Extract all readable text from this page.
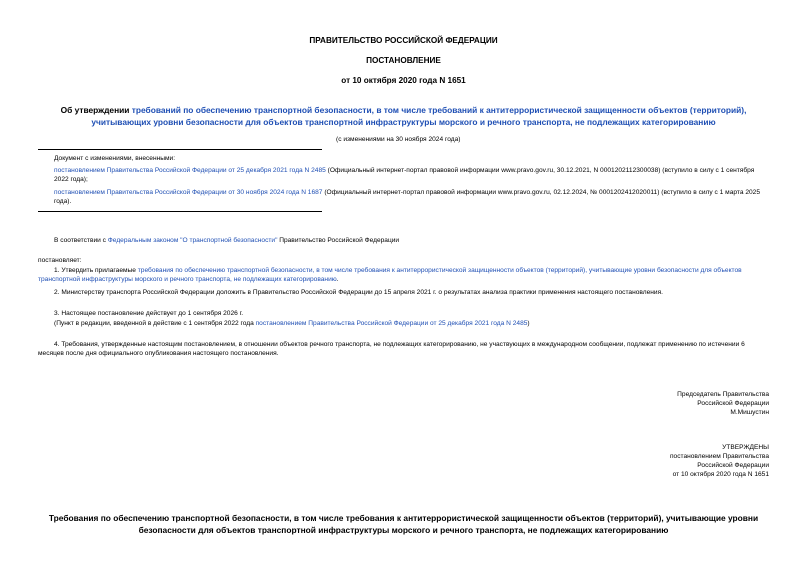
ПРАВИТЕЛЬСТВО РОССИЙСКОЙ ФЕДЕРАЦИИ
ПОСТАНОВЛЕНИЕ
от 10 октября 2020 года N 1651
Об утверждении требований по обеспечению транспортной безопасности, в том числе требований к антитеррористической защищенности объектов (территорий), учитывающих уровни безопасности для объектов транспортной инфраструктуры морского и речного транспорта, не подлежащих категорированию
(с изменениями на 30 ноября 2024 года)
Документ с изменениями, внесенными:
постановлением Правительства Российской Федерации от 25 декабря 2021 года N 2485 (Официальный интернет-портал правовой информации www.pravo.gov.ru, 30.12.2021, N 0001202112300038) (вступило в силу с 1 сентября 2022 года);
постановлением Правительства Российской Федерации от 30 ноября 2024 года N 1687 (Официальный интернет-портал правовой информации www.pravo.gov.ru, 02.12.2024, № 0001202412020011) (вступило в силу с 1 марта 2025 года).
В соответствии с Федеральным законом "О транспортной безопасности" Правительство Российской Федерации
постановляет:
1. Утвердить прилагаемые требования по обеспечению транспортной безопасности, в том числе требования к антитеррористической защищенности объектов (территорий), учитывающие уровни безопасности для объектов транспортной инфраструктуры морского и речного транспорта, не подлежащих категорированию.
2. Министерству транспорта Российской Федерации доложить в Правительство Российской Федерации до 15 апреля 2021 г. о результатах анализа практики применения настоящего постановления.
3. Настоящее постановление действует до 1 сентября 2026 г.
(Пункт в редакции, введенной в действие с 1 сентября 2022 года постановлением Правительства Российской Федерации от 25 декабря 2021 года N 2485)
4. Требования, утвержденные настоящим постановлением, в отношении объектов речного транспорта, не подлежащих категорированию, не участвующих в международном сообщении, подлежат применению по истечении 6 месяцев после дня официального опубликования настоящего постановления.
Председатель Правительства
Российской Федерации
М.Мишустин
УТВЕРЖДЕНЫ
постановлением Правительства
Российской Федерации
от 10 октября 2020 года N 1651
Требования по обеспечению транспортной безопасности, в том числе требования к антитеррористической защищенности объектов (территорий), учитывающие уровни безопасности для объектов транспортной инфраструктуры морского и речного транспорта, не подлежащих категорированию
